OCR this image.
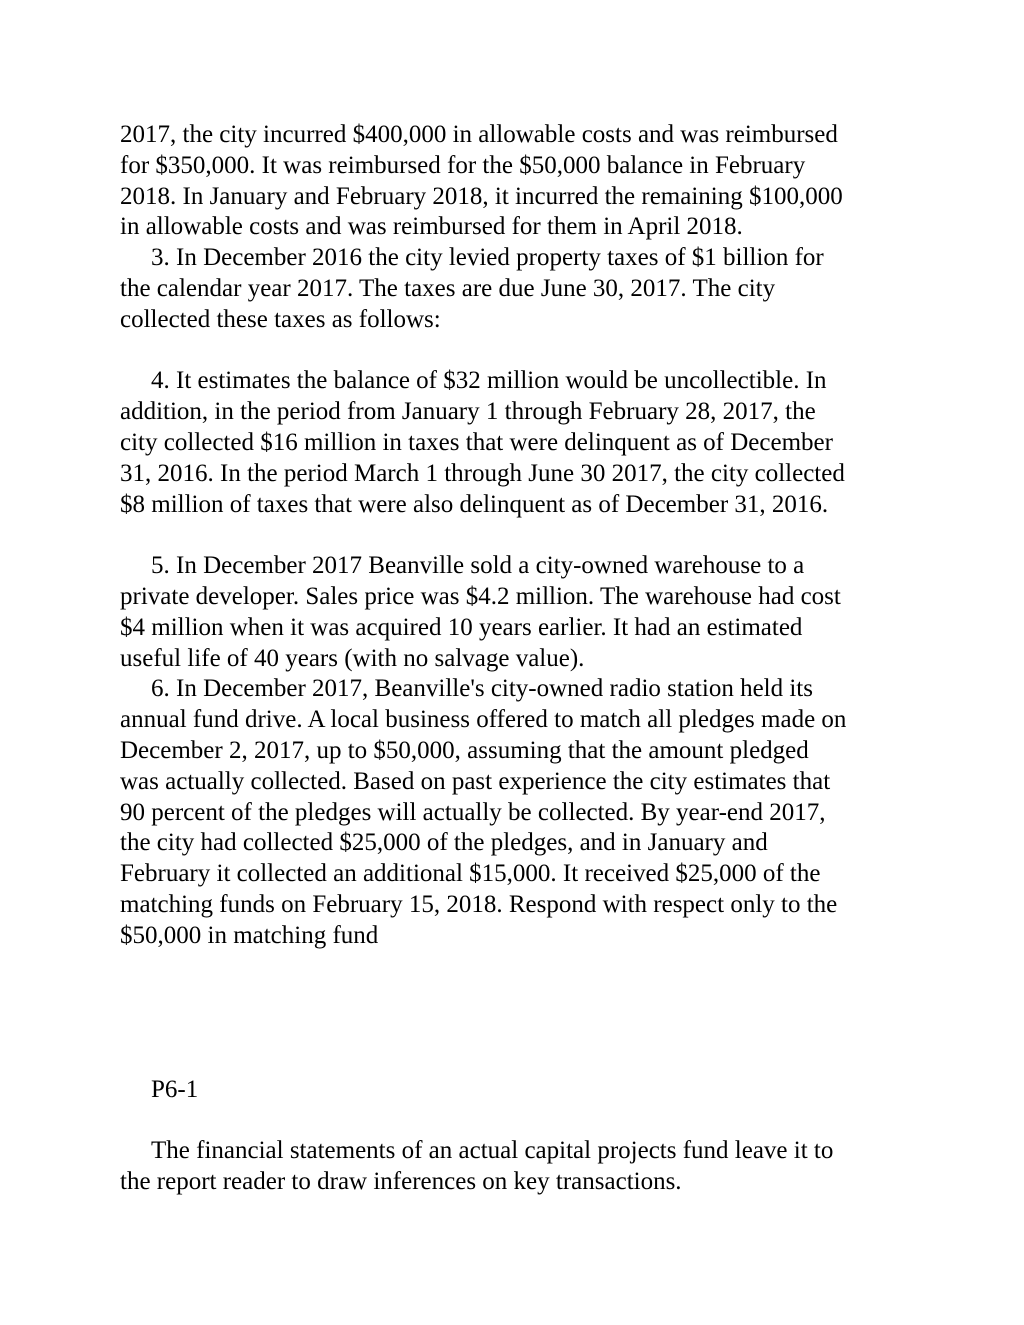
2017, the city incurred $400,000 in allowable costs and was reimbursed
for $350,000. It was reimbursed for the $50,000 balance in February
2018. In January and February 2018, it incurred the remaining $100,000
in allowable costs and was reimbursed for them in April 2018.
3. In December 2016 the city levied property taxes of $1 billion for
the calendar year 2017. The taxes are due June 30, 2017. The city
collected these taxes as follows:
4. It estimates the balance of $32 million would be uncollectible. In
addition, in the period from January 1 through February 28, 2017, the
city collected $16 million in taxes that were delinquent as of December
31, 2016. In the period March 1 through June 30 2017, the city collected
$8 million of taxes that were also delinquent as of December 31, 2016.
5. In December 2017 Beanville sold a city-owned warehouse to a
private developer. Sales price was $4.2 million. The warehouse had cost
$4 million when it was acquired 10 years earlier. It had an estimated
useful life of 40 years (with no salvage value).
6. In December 2017, Beanville's city-owned radio station held its
annual fund drive. A local business offered to match all pledges made on
December 2, 2017, up to $50,000, assuming that the amount pledged
was actually collected. Based on past experience the city estimates that
90 percent of the pledges will actually be collected. By year-end 2017,
the city had collected $25,000 of the pledges, and in January and
February it collected an additional $15,000. It received $25,000 of the
matching funds on February 15, 2018. Respond with respect only to the
$50,000 in matching fund
P6-1
The financial statements of an actual capital projects fund leave it to
the report reader to draw inferences on key transactions.
